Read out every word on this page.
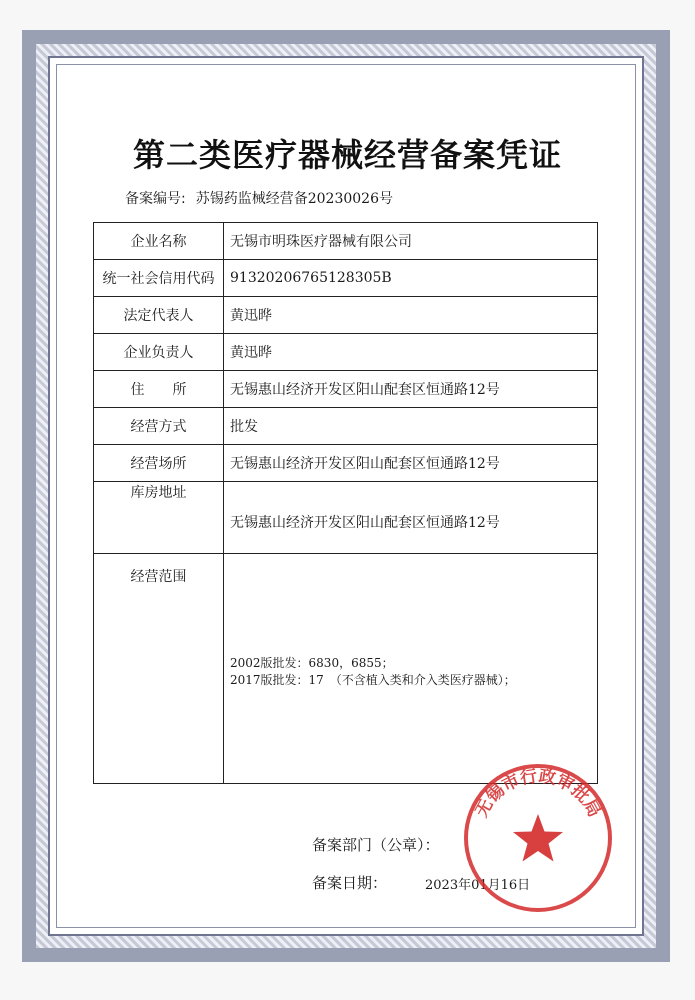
第二类医疗器械经营备案凭证
备案编号: 苏锡药监械经营备20230026号
企业名称	无锡市明珠医疗器械有限公司
统一社会信用代码	91320206765128305B
法定代表人	黄迅晔
企业负责人	黄迅晔
住　　所	无锡惠山经济开发区阳山配套区恒通路12号
经营方式	批发
经营场所	无锡惠山经济开发区阳山配套区恒通路12号
库房地址	无锡惠山经济开发区阳山配套区恒通路12号
经营范围	2002版批发：6830，6855；
2017版批发：17　（不含植入类和介入类医疗器械）；
备案部门（公章）：
备案日期：	2023年01月16日
无锡市行政审批局
